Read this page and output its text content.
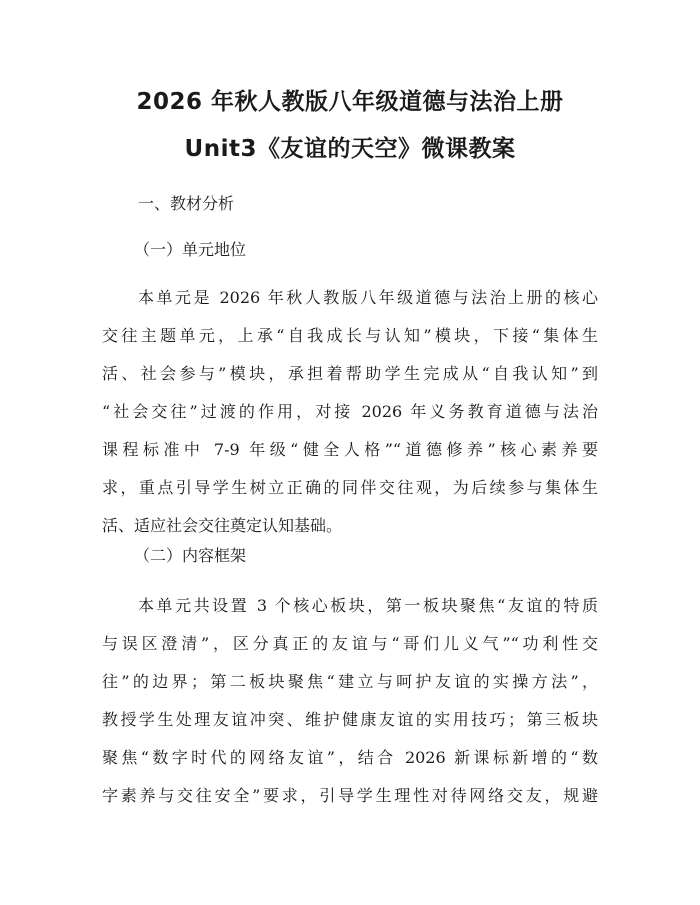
2026 年秋人教版八年级道德与法治上册
Unit3《友谊的天空》微课教案
一、教材分析
（一）单元地位
本单元是 2026 年秋人教版八年级道德与法治上册的核心
交往主题单元，上承“自我成长与认知”模块，下接“集体生
活、社会参与”模块，承担着帮助学生完成从“自我认知”到
“社会交往”过渡的作用，对接 2026 年义务教育道德与法治
课程标准中 7-9 年级“健全人格”“道德修养”核心素养要
求，重点引导学生树立正确的同伴交往观，为后续参与集体生
活、适应社会交往奠定认知基础。
（二）内容框架
本单元共设置 3 个核心板块，第一板块聚焦“友谊的特质
与误区澄清”，区分真正的友谊与“哥们儿义气”“功利性交
往”的边界；第二板块聚焦“建立与呵护友谊的实操方法”，
教授学生处理友谊冲突、维护健康友谊的实用技巧；第三板块
聚焦“数字时代的网络友谊”，结合 2026 新课标新增的“数
字素养与交往安全”要求，引导学生理性对待网络交友，规避
